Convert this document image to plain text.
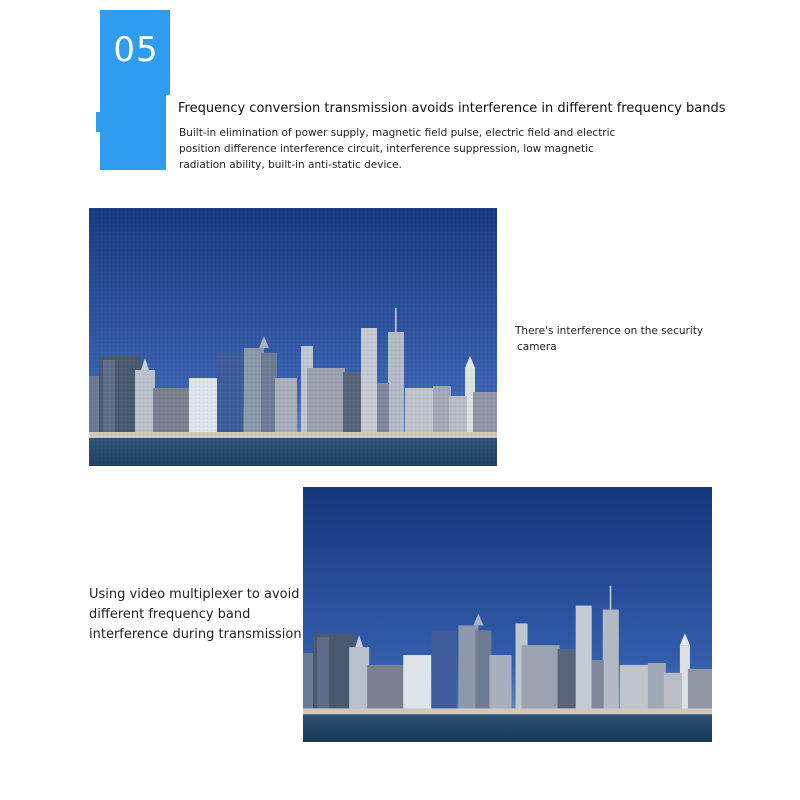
05
Frequency conversion transmission avoids interference in different frequency bands
Built-in elimination of power supply, magnetic field pulse, electric field and electric
position difference interference circuit, interference suppression, low magnetic
radiation ability, built-in anti-static device.
There's interference on the security
camera
Using video multiplexer to avoid
different frequency band
interference during transmission
